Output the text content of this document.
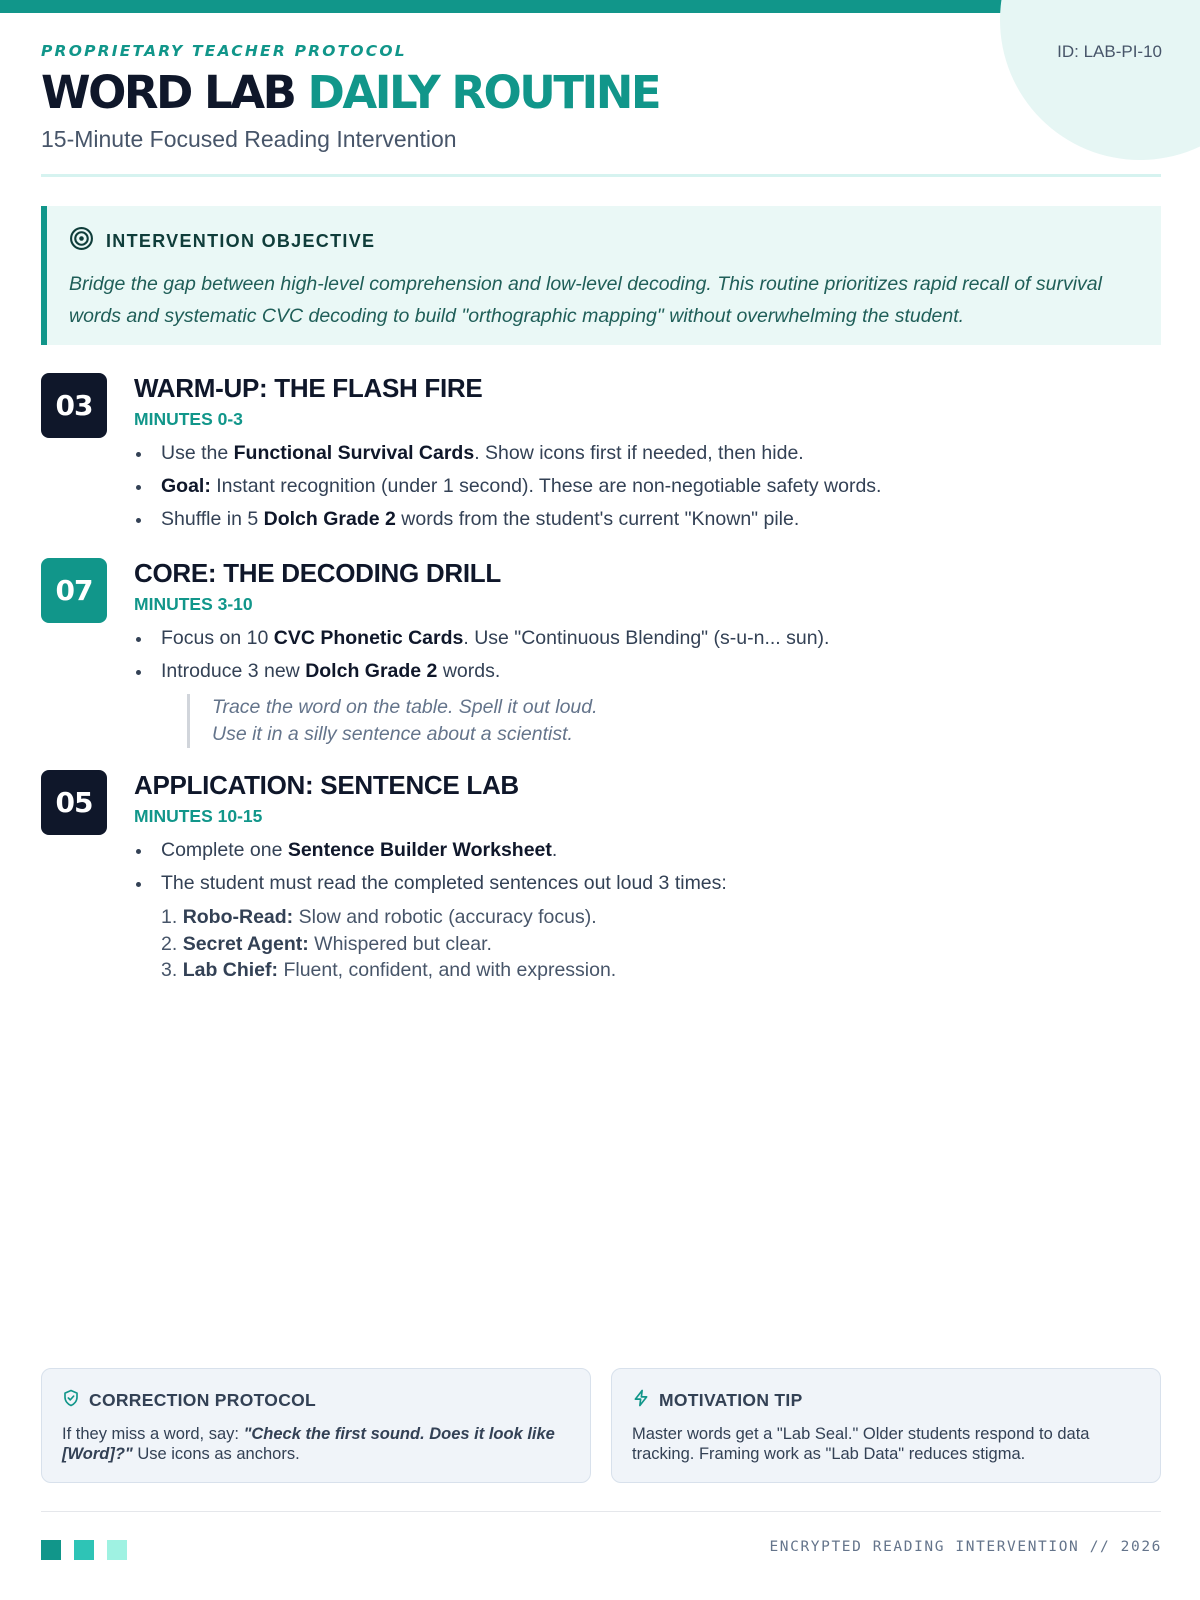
ID: LAB-PI-10
PROPRIETARY TEACHER PROTOCOL
WORD LAB DAILY ROUTINE
15-Minute Focused Reading Intervention
INTERVENTION OBJECTIVE
Bridge the gap between high-level comprehension and low-level decoding. This routine prioritizes rapid recall of survival words and systematic CVC decoding to build "orthographic mapping" without overwhelming the student.
03
WARM-UP: THE FLASH FIRE
MINUTES 0-3
Use the Functional Survival Cards. Show icons first if needed, then hide.
Goal: Instant recognition (under 1 second). These are non-negotiable safety words.
Shuffle in 5 Dolch Grade 2 words from the student's current "Known" pile.
07
CORE: THE DECODING DRILL
MINUTES 3-10
Focus on 10 CVC Phonetic Cards. Use "Continuous Blending" (s-u-n... sun).
Introduce 3 new Dolch Grade 2 words.
Trace the word on the table. Spell it out loud.
Use it in a silly sentence about a scientist.
05
APPLICATION: SENTENCE LAB
MINUTES 10-15
Complete one Sentence Builder Worksheet.
The student must read the completed sentences out loud 3 times:
1. Robo-Read: Slow and robotic (accuracy focus).
2. Secret Agent: Whispered but clear.
3. Lab Chief: Fluent, confident, and with expression.
CORRECTION PROTOCOL
If they miss a word, say: "Check the first sound. Does it look like [Word]?" Use icons as anchors.
MOTIVATION TIP
Master words get a "Lab Seal." Older students respond to data tracking. Framing work as "Lab Data" reduces stigma.
ENCRYPTED READING INTERVENTION // 2026
